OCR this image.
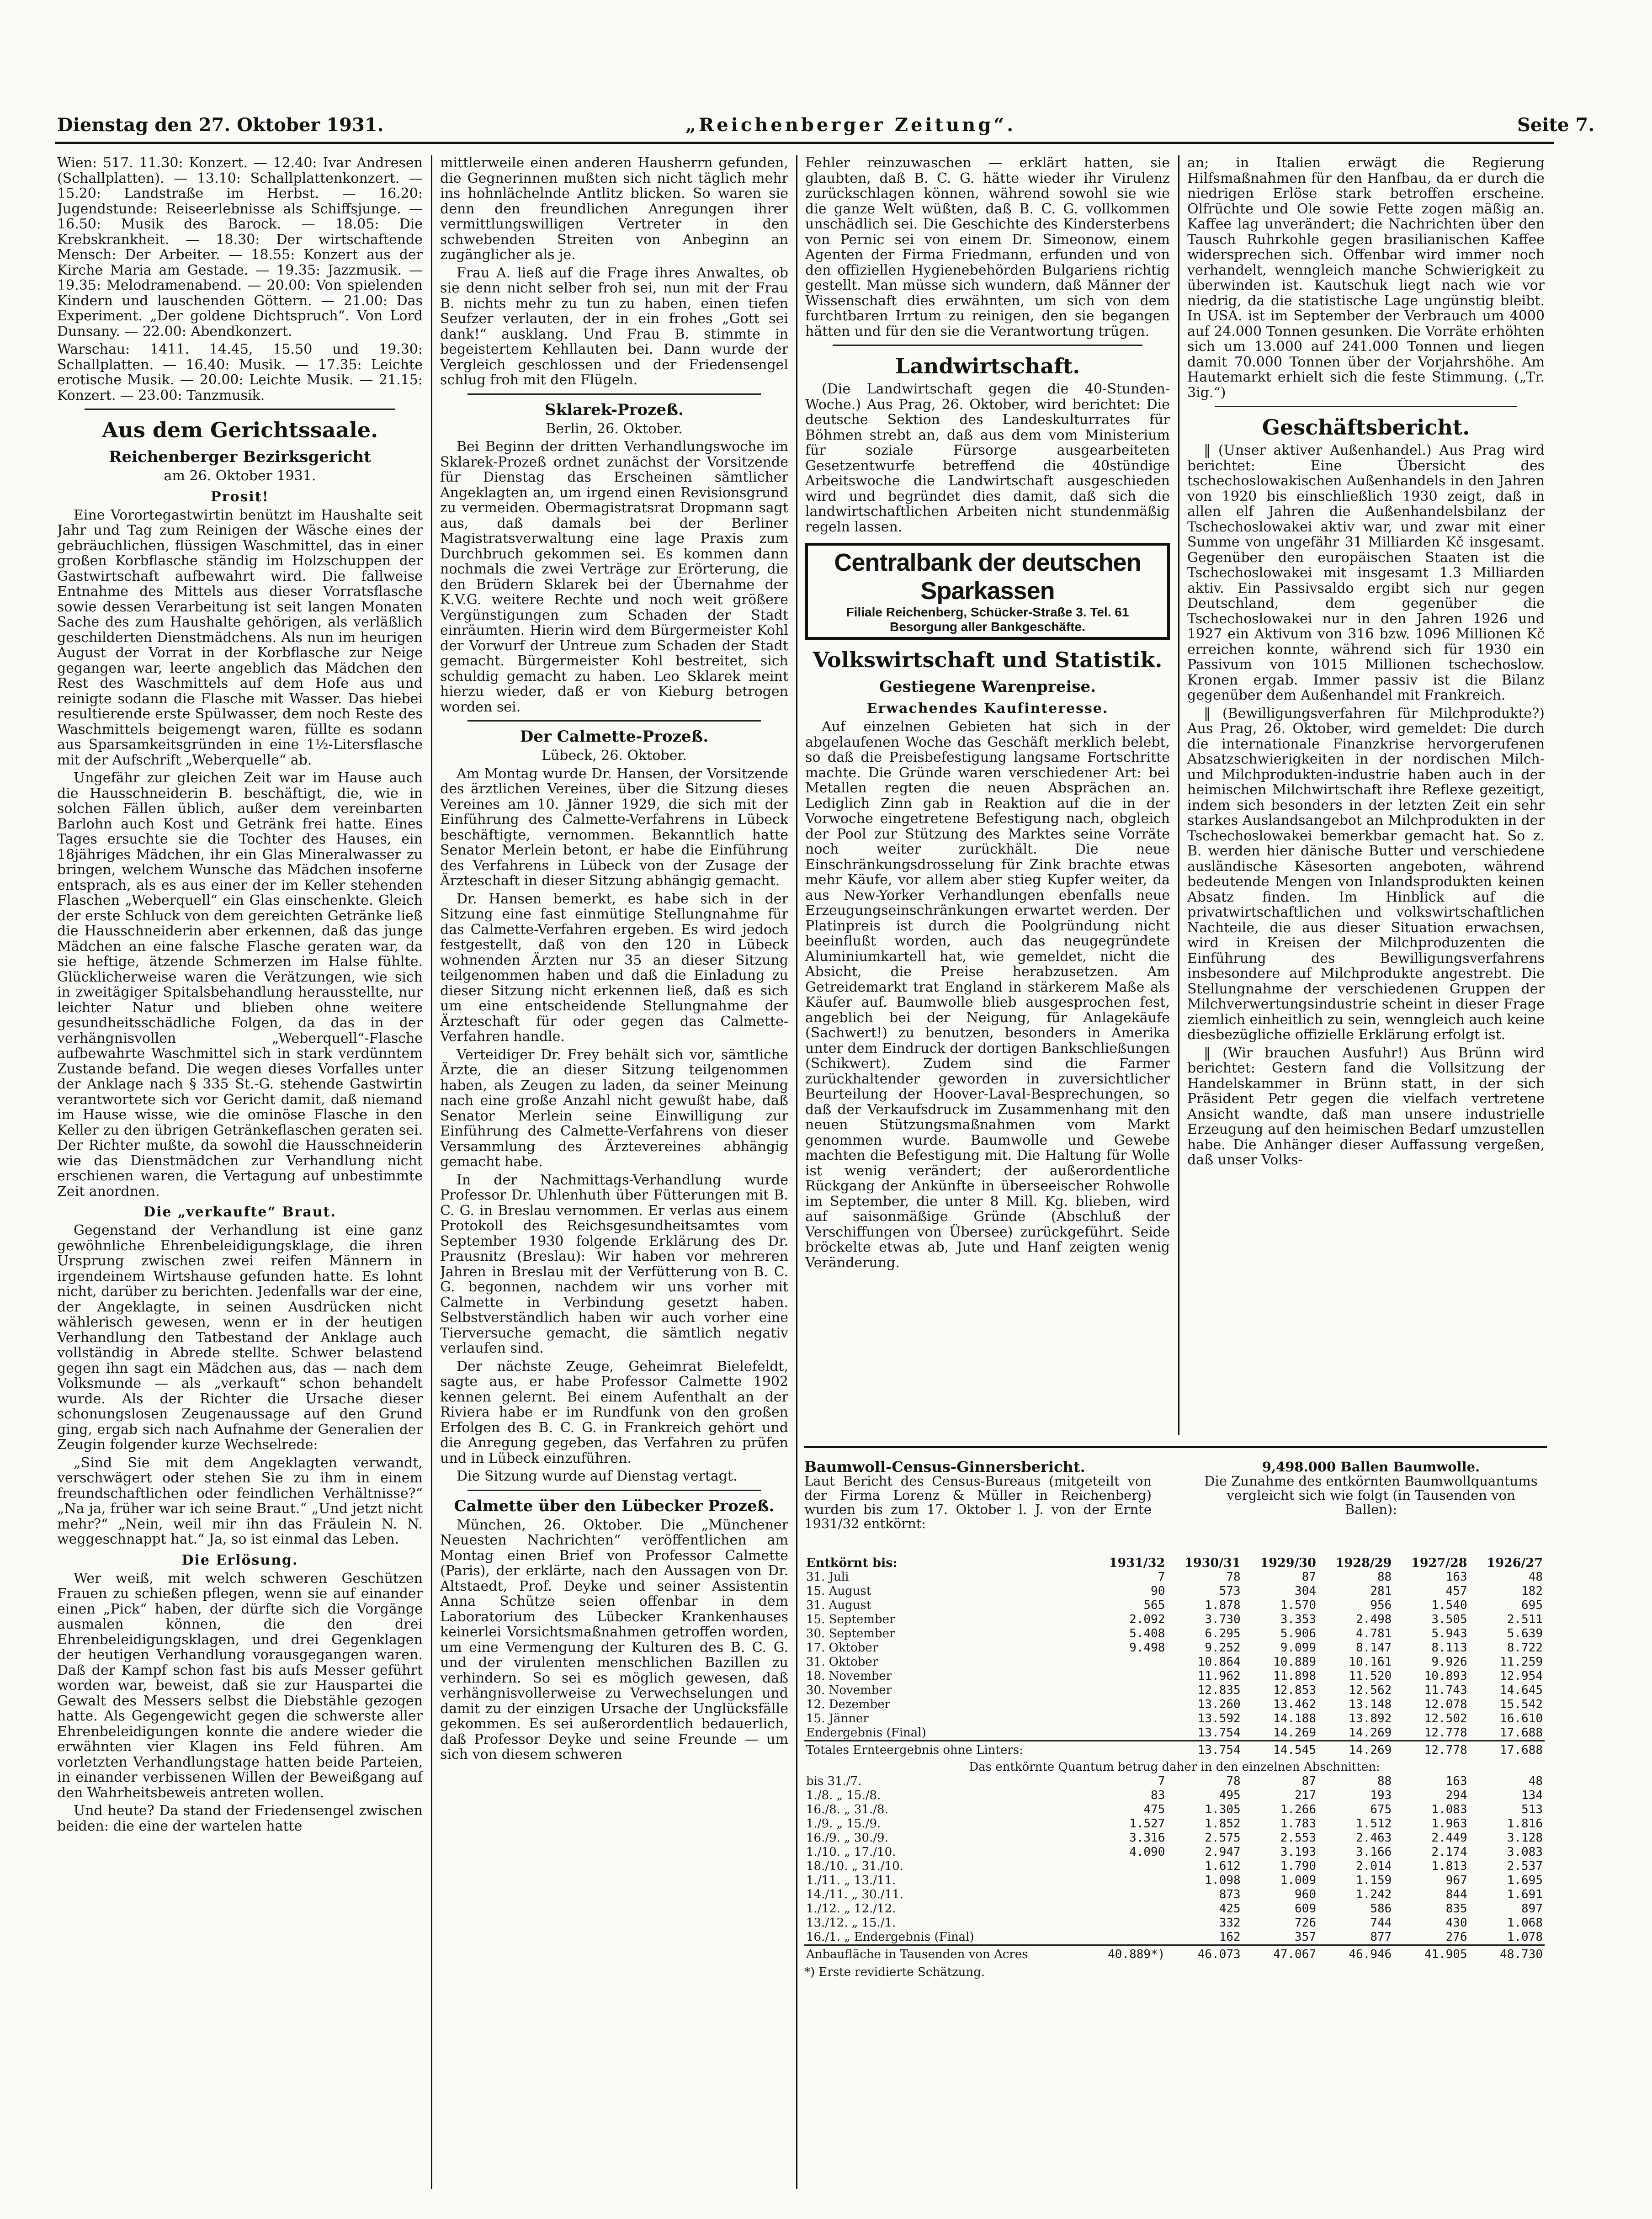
Dienstag den 27. Oktober 1931.	„Reichenberger Zeitung“.	Seite 7.

Wien: 517. 11.30: Konzert. — 12.40: Ivar Andresen (Schallplatten). — 13.10: Schallplattenkonzert. — 15.20: Landstraße im Herbst. — 16.20: Jugendstunde: Reiseerlebnisse als Schiffsjunge. — 16.50: Musik des Barock. — 18.05: Die Krebskrankheit. — 18.30: Der wirtschaftende Mensch: Der Arbeiter. — 18.55: Konzert aus der Kirche Maria am Gestade. — 19.35: Jazzmusik. — 19.35: Melodramenabend. — 20.00: Von spielenden Kindern und lauschenden Göttern. — 21.00: Das Experiment. „Der goldene Dichtspruch“. Von Lord Dunsany. — 22.00: Abendkonzert.

Warschau: 1411. 14.45, 15.50 und 19.30: Schallplatten. — 16.40: Musik. — 17.35: Leichte erotische Musik. — 20.00: Leichte Musik. — 21.15: Konzert. — 23.00: Tanzmusik.

Aus dem Gerichtssaale.
Reichenberger Bezirksgericht

am 26. Oktober 1931.

Prosit!

Eine Vorortegastwirtin benützt im Haushalte seit Jahr und Tag zum Reinigen der Wäsche eines der gebräuchlichen, flüssigen Waschmittel, das in einer großen Korbflasche ständig im Holzschuppen der Gastwirtschaft aufbewahrt wird. Die fallweise Entnahme des Mittels aus dieser Vorratsflasche sowie dessen Verarbeitung ist seit langen Monaten Sache des zum Haushalte gehörigen, als verläßlich geschilderten Dienstmädchens. Als nun im heurigen August der Vorrat in der Korbflasche zur Neige gegangen war, leerte angeblich das Mädchen den Rest des Waschmittels auf dem Hofe aus und reinigte sodann die Flasche mit Wasser. Das hiebei resultierende erste Spülwasser, dem noch Reste des Waschmittels beigemengt waren, füllte es sodann aus Sparsamkeitsgründen in eine 1½-Litersflasche mit der Aufschrift „Weberquelle“ ab.

Ungefähr zur gleichen Zeit war im Hause auch die Hausschneiderin B. beschäftigt, die, wie in solchen Fällen üblich, außer dem vereinbarten Barlohn auch Kost und Getränk frei hatte. Eines Tages ersuchte sie die Tochter des Hauses, ein 18jähriges Mädchen, ihr ein Glas Mineralwasser zu bringen, welchem Wunsche das Mädchen insoferne entsprach, als es aus einer der im Keller stehenden Flaschen „Weberquell“ ein Glas einschenkte. Gleich der erste Schluck von dem gereichten Getränke ließ die Hausschneiderin aber erkennen, daß das junge Mädchen an eine falsche Flasche geraten war, da sie heftige, ätzende Schmerzen im Halse fühlte. Glücklicherweise waren die Verätzungen, wie sich in zweitägiger Spitalsbehandlung herausstellte, nur leichter Natur und blieben ohne weitere gesundheitsschädliche Folgen, da das in der verhängnisvollen „Weberquell“-Flasche aufbewahrte Waschmittel sich in stark verdünntem Zustande befand. Die wegen dieses Vorfalles unter der Anklage nach § 335 St.-G. stehende Gastwirtin verantwortete sich vor Gericht damit, daß niemand im Hause wisse, wie die ominöse Flasche in den Keller zu den übrigen Getränkeflaschen geraten sei. Der Richter mußte, da sowohl die Hausschneiderin wie das Dienstmädchen zur Verhandlung nicht erschienen waren, die Vertagung auf unbestimmte Zeit anordnen.

Die „verkaufte“ Braut.

Gegenstand der Verhandlung ist eine ganz gewöhnliche Ehrenbeleidigungsklage, die ihren Ursprung zwischen zwei reifen Männern in irgendeinem Wirtshause gefunden hatte. Es lohnt nicht, darüber zu berichten. Jedenfalls war der eine, der Angeklagte, in seinen Ausdrücken nicht wählerisch gewesen, wenn er in der heutigen Verhandlung den Tatbestand der Anklage auch vollständig in Abrede stellte. Schwer belastend gegen ihn sagt ein Mädchen aus, das — nach dem Volksmunde — als „verkauft“ schon behandelt wurde. Als der Richter die Ursache dieser schonungslosen Zeugenaussage auf den Grund ging, ergab sich nach Aufnahme der Generalien der Zeugin folgender kurze Wechselrede:

„Sind Sie mit dem Angeklagten verwandt, verschwägert oder stehen Sie zu ihm in einem freundschaftlichen oder feindlichen Verhältnisse?“ „Na ja, früher war ich seine Braut.“ „Und jetzt nicht mehr?“ „Nein, weil mir ihn das Fräulein N. N. weggeschnappt hat.“ Ja, so ist einmal das Leben.

Die Erlösung.

Wer weiß, mit welch schweren Geschützen Frauen zu schießen pflegen, wenn sie auf einander einen „Pick“ haben, der dürfte sich die Vorgänge ausmalen können, die den drei Ehrenbeleidigungsklagen, und drei Gegenklagen der heutigen Verhandlung vorausgegangen waren. Daß der Kampf schon fast bis aufs Messer geführt worden war, beweist, daß sie zur Hauspartei die Gewalt des Messers selbst die Diebstähle gezogen hatte. Als Gegengewicht gegen die schwerste aller Ehrenbeleidigungen konnte die andere wieder die erwähnten vier Klagen ins Feld führen. Am vorletzten Verhandlungstage hatten beide Parteien, in einander verbissenen Willen der Beweißgang auf den Wahrheitsbeweis antreten wollen.

Und heute? Da stand der Friedensengel zwischen beiden: die eine der wartelen hatte

mittlerweile einen anderen Hausherrn gefunden, die Gegnerinnen mußten sich nicht täglich mehr ins hohnlächelnde Antlitz blicken. So waren sie denn den freundlichen Anregungen ihrer vermittlungswilligen Vertreter in den schwebenden Streiten von Anbeginn an zugänglicher als je.

Frau A. ließ auf die Frage ihres Anwaltes, ob sie denn nicht selber froh sei, nun mit der Frau B. nichts mehr zu tun zu haben, einen tiefen Seufzer verlauten, der in ein frohes „Gott sei dank!“ ausklang. Und Frau B. stimmte in begeistertem Kehllauten bei. Dann wurde der Vergleich geschlossen und der Friedensengel schlug froh mit den Flügeln.

Sklarek-Prozeß.

Berlin, 26. Oktober.

Bei Beginn der dritten Verhandlungswoche im Sklarek-Prozeß ordnet zunächst der Vorsitzende für Dienstag das Erscheinen sämtlicher Angeklagten an, um irgend einen Revisionsgrund zu vermeiden. Obermagistratsrat Dropmann sagt aus, daß damals bei der Berliner Magistratsverwaltung eine lage Praxis zum Durchbruch gekommen sei. Es kommen dann nochmals die zwei Verträge zur Erörterung, die den Brüdern Sklarek bei der Übernahme der K.V.G. weitere Rechte und noch weit größere Vergünstigungen zum Schaden der Stadt einräumten. Hierin wird dem Bürgermeister Kohl der Vorwurf der Untreue zum Schaden der Stadt gemacht. Bürgermeister Kohl bestreitet, sich schuldig gemacht zu haben. Leo Sklarek meint hierzu wieder, daß er von Kieburg betrogen worden sei.

Der Calmette-Prozeß.

Lübeck, 26. Oktober.

Am Montag wurde Dr. Hansen, der Vorsitzende des ärztlichen Vereines, über die Sitzung dieses Vereines am 10. Jänner 1929, die sich mit der Einführung des Calmette-Verfahrens in Lübeck beschäftigte, vernommen. Bekanntlich hatte Senator Merlein betont, er habe die Einführung des Verfahrens in Lübeck von der Zusage der Ärzteschaft in dieser Sitzung abhängig gemacht.

Dr. Hansen bemerkt, es habe sich in der Sitzung eine fast einmütige Stellungnahme für das Calmette-Verfahren ergeben. Es wird jedoch festgestellt, daß von den 120 in Lübeck wohnenden Ärzten nur 35 an dieser Sitzung teilgenommen haben und daß die Einladung zu dieser Sitzung nicht erkennen ließ, daß es sich um eine entscheidende Stellungnahme der Ärzteschaft für oder gegen das Calmette-Verfahren handle.

Verteidiger Dr. Frey behält sich vor, sämtliche Ärzte, die an dieser Sitzung teilgenommen haben, als Zeugen zu laden, da seiner Meinung nach eine große Anzahl nicht gewußt habe, daß Senator Merlein seine Einwilligung zur Einführung des Calmette-Verfahrens von dieser Versammlung des Ärztevereines abhängig gemacht habe.

In der Nachmittags-Verhandlung wurde Professor Dr. Uhlenhuth über Fütterungen mit B. C. G. in Breslau vernommen. Er verlas aus einem Protokoll des Reichsgesundheitsamtes vom September 1930 folgende Erklärung des Dr. Prausnitz (Breslau): Wir haben vor mehreren Jahren in Breslau mit der Verfütterung von B. C. G. begonnen, nachdem wir uns vorher mit Calmette in Verbindung gesetzt haben. Selbstverständlich haben wir auch vorher eine Tierversuche gemacht, die sämtlich negativ verlaufen sind.

Der nächste Zeuge, Geheimrat Bielefeldt, sagte aus, er habe Professor Calmette 1902 kennen gelernt. Bei einem Aufenthalt an der Riviera habe er im Rundfunk von den großen Erfolgen des B. C. G. in Frankreich gehört und die Anregung gegeben, das Verfahren zu prüfen und in Lübeck einzuführen.

Die Sitzung wurde auf Dienstag vertagt.

Calmette über den Lübecker Prozeß.

München, 26. Oktober. Die „Münchener Neuesten Nachrichten“ veröffentlichen am Montag einen Brief von Professor Calmette (Paris), der erklärte, nach den Aussagen von Dr. Altstaedt, Prof. Deyke und seiner Assistentin Anna Schütze seien offenbar in dem Laboratorium des Lübecker Krankenhauses keinerlei Vorsichtsmaßnahmen getroffen worden, um eine Vermengung der Kulturen des B. C. G. und der virulenten menschlichen Bazillen zu verhindern. So sei es möglich gewesen, daß verhängnisvollerweise zu Verwechselungen und damit zu der einzigen Ursache der Unglücksfälle gekommen. Es sei außerordentlich bedauerlich, daß Professor Deyke und seine Freunde — um sich von diesem schweren

Fehler reinzuwaschen — erklärt hatten, sie glaubten, daß B. C. G. hätte wieder ihr Virulenz zurückschlagen können, während sowohl sie wie die ganze Welt wüßten, daß B. C. G. vollkommen unschädlich sei. Die Geschichte des Kindersterbens von Pernic sei von einem Dr. Simeonow, einem Agenten der Firma Friedmann, erfunden und von den offiziellen Hygienebehörden Bulgariens richtig gestellt. Man müsse sich wundern, daß Männer der Wissenschaft dies erwähnten, um sich von dem furchtbaren Irrtum zu reinigen, den sie begangen hätten und für den sie die Verantwortung trügen.

Landwirtschaft.

(Die Landwirtschaft gegen die 40-Stunden-Woche.) Aus Prag, 26. Oktober, wird berichtet: Die deutsche Sektion des Landeskulturrates für Böhmen strebt an, daß aus dem vom Ministerium für soziale Fürsorge ausgearbeiteten Gesetzentwurfe betreffend die 40stündige Arbeitswoche die Landwirtschaft ausgeschieden wird und begründet dies damit, daß sich die landwirtschaftlichen Arbeiten nicht stundenmäßig regeln lassen.

Centralbank der deutschen Sparkassen
Filiale Reichenberg, Schücker-Straße 3. Tel. 61
Besorgung aller Bankgeschäfte.
Volkswirtschaft und Statistik.
Gestiegene Warenpreise.
Erwachendes Kaufinteresse.

Auf einzelnen Gebieten hat sich in der abgelaufenen Woche das Geschäft merklich belebt, so daß die Preisbefestigung langsame Fortschritte machte. Die Gründe waren verschiedener Art: bei Metallen regten die neuen Absprächen an. Lediglich Zinn gab in Reaktion auf die in der Vorwoche eingetretene Befestigung nach, obgleich der Pool zur Stützung des Marktes seine Vorräte noch weiter zurückhält. Die neue Einschränkungsdrosselung für Zink brachte etwas mehr Käufe, vor allem aber stieg Kupfer weiter, da aus New-Yorker Verhandlungen ebenfalls neue Erzeugungseinschränkungen erwartet werden. Der Platinpreis ist durch die Poolgründung nicht beeinflußt worden, auch das neugegründete Aluminiumkartell hat, wie gemeldet, nicht die Absicht, die Preise herabzusetzen. Am Getreidemarkt trat England in stärkerem Maße als Käufer auf. Baumwolle blieb ausgesprochen fest, angeblich bei der Neigung, für Anlagekäufe (Sachwert!) zu benutzen, besonders in Amerika unter dem Eindruck der dortigen Bankschließungen (Schikwert). Zudem sind die Farmer zurückhaltender geworden in zuversichtlicher Beurteilung der Hoover-Laval-Besprechungen, so daß der Verkaufsdruck im Zusammenhang mit den neuen Stützungsmaßnahmen vom Markt genommen wurde. Baumwolle und Gewebe machten die Befestigung mit. Die Haltung für Wolle ist wenig verändert; der außerordentliche Rückgang der Ankünfte in überseeischer Rohwolle im September, die unter 8 Mill. Kg. blieben, wird auf saisonmäßige Gründe (Abschluß der Verschiffungen von Übersee) zurückgeführt. Seide bröckelte etwas ab, Jute und Hanf zeigten wenig Veränderung.

an; in Italien erwägt die Regierung Hilfsmaßnahmen für den Hanfbau, da er durch die niedrigen Erlöse stark betroffen erscheine. Olfrüchte und Ole sowie Fette zogen mäßig an. Kaffee lag unverändert; die Nachrichten über den Tausch Ruhrkohle gegen brasilianischen Kaffee widersprechen sich. Offenbar wird immer noch verhandelt, wenngleich manche Schwierigkeit zu überwinden ist. Kautschuk liegt nach wie vor niedrig, da die statistische Lage ungünstig bleibt. In USA. ist im September der Verbrauch um 4000 auf 24.000 Tonnen gesunken. Die Vorräte erhöhten sich um 13.000 auf 241.000 Tonnen und liegen damit 70.000 Tonnen über der Vorjahrshöhe. Am Hautemarkt erhielt sich die feste Stimmung. („Tr. 3ig.“)

Geschäftsbericht.

‖ (Unser aktiver Außenhandel.) Aus Prag wird berichtet: Eine Übersicht des tschechoslowakischen Außenhandels in den Jahren von 1920 bis einschließlich 1930 zeigt, daß in allen elf Jahren die Außenhandelsbilanz der Tschechoslowakei aktiv war, und zwar mit einer Summe von ungefähr 31 Milliarden Kč insgesamt. Gegenüber den europäischen Staaten ist die Tschechoslowakei mit insgesamt 1.3 Milliarden aktiv. Ein Passivsaldo ergibt sich nur gegen Deutschland, dem gegenüber die Tschechoslowakei nur in den Jahren 1926 und 1927 ein Aktivum von 316 bzw. 1096 Millionen Kč erreichen konnte, während sich für 1930 ein Passivum von 1015 Millionen tschechoslow. Kronen ergab. Immer passiv ist die Bilanz gegenüber dem Außenhandel mit Frankreich.

‖ (Bewilligungsverfahren für Milchprodukte?) Aus Prag, 26. Oktober, wird gemeldet: Die durch die internationale Finanzkrise hervorgerufenen Absatzschwierigkeiten in der nordischen Milch- und Milchprodukten-industrie haben auch in der heimischen Milchwirtschaft ihre Reflexe gezeitigt, indem sich besonders in der letzten Zeit ein sehr starkes Auslandsangebot an Milchprodukten in der Tschechoslowakei bemerkbar gemacht hat. So z. B. werden hier dänische Butter und verschiedene ausländische Käsesorten angeboten, während bedeutende Mengen von Inlandsprodukten keinen Absatz finden. Im Hinblick auf die privatwirtschaftlichen und volkswirtschaftlichen Nachteile, die aus dieser Situation erwachsen, wird in Kreisen der Milchproduzenten die Einführung des Bewilligungsverfahrens insbesondere auf Milchprodukte angestrebt. Die Stellungnahme der verschiedenen Gruppen der Milchverwertungsindustrie scheint in dieser Frage ziemlich einheitlich zu sein, wenngleich auch keine diesbezügliche offizielle Erklärung erfolgt ist.

‖ (Wir brauchen Ausfuhr!) Aus Brünn wird berichtet: Gestern fand die Vollsitzung der Handelskammer in Brünn statt, in der sich Präsident Petr gegen die vielfach vertretene Ansicht wandte, daß man unsere industrielle Erzeugung auf den heimischen Bedarf umzustellen habe. Die Anhänger dieser Auffassung vergeßen, daß unser Volks-

Baumwoll-Census-Ginnersbericht.
Laut Bericht des Census-Bureaus (mitgeteilt von der Firma Lorenz & Müller in Reichenberg) wurden bis zum 17. Oktober l. J. von der Ernte 1931/32 entkörnt:
9,498.000 Ballen Baumwolle.
Die Zunahme des entkörnten Baumwollquantums vergleicht sich wie folgt (in Tausenden von Ballen):
Entkörnt bis:	1931/32	1930/31	1929/30	1928/29	1927/28	1926/27
31. Juli	7	78	87	88	163	48
15. August	90	573	304	281	457	182
31. August	565	1.878	1.570	956	1.540	695
15. September	2.092	3.730	3.353	2.498	3.505	2.511
30. September	5.408	6.295	5.906	4.781	5.943	5.639
17. Oktober	9.498	9.252	9.099	8.147	8.113	8.722
31. Oktober		10.864	10.889	10.161	9.926	11.259
18. November		11.962	11.898	11.520	10.893	12.954
30. November		12.835	12.853	12.562	11.743	14.645
12. Dezember		13.260	13.462	13.148	12.078	15.542
15. Jänner		13.592	14.188	13.892	12.502	16.610
Endergebnis (Final)		13.754	14.269	14.269	12.778	17.688
Totales Ernteergebnis ohne Linters:		13.754	14.545	14.269	12.778	17.688
Das entkörnte Quantum betrug daher in den einzelnen Abschnitten:						
bis 31./7.	7	78	87	88	163	48
1./8. „ 15./8.	83	495	217	193	294	134
16./8. „ 31./8.	475	1.305	1.266	675	1.083	513
1./9. „ 15./9.	1.527	1.852	1.783	1.512	1.963	1.816
16./9. „ 30./9.	3.316	2.575	2.553	2.463	2.449	3.128
1./10. „ 17./10.	4.090	2.947	3.193	3.166	2.174	3.083
18./10. „ 31./10.		1.612	1.790	2.014	1.813	2.537
1./11. „ 13./11.		1.098	1.009	1.159	967	1.695
14./11. „ 30./11.		873	960	1.242	844	1.691
1./12. „ 12./12.		425	609	586	835	897
13./12. „ 15./1.		332	726	744	430	1.068
16./1. „ Endergebnis (Final)		162	357	877	276	1.078
Anbaufläche in Tausenden von Acres	40.889*)	46.073	47.067	46.946	41.905	48.730
*) Erste revidierte Schätzung.
